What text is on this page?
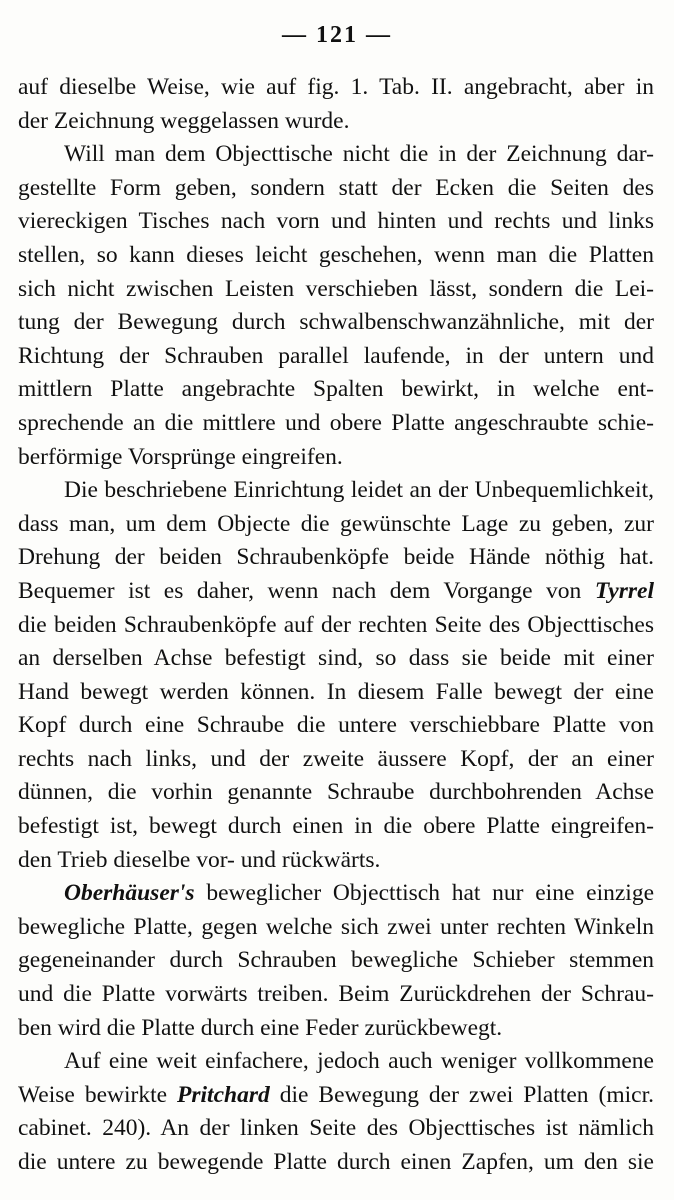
— 121 —
auf dieselbe Weise, wie auf fig. 1. Tab. II. angebracht, aber in
der Zeichnung weggelassen wurde.
Will man dem Objecttische nicht die in der Zeichnung dar-
gestellte Form geben, sondern statt der Ecken die Seiten des
viereckigen Tisches nach vorn und hinten und rechts und links
stellen, so kann dieses leicht geschehen, wenn man die Platten
sich nicht zwischen Leisten verschieben lässt, sondern die Lei-
tung der Bewegung durch schwalbenschwanzähnliche, mit der
Richtung der Schrauben parallel laufende, in der untern und
mittlern Platte angebrachte Spalten bewirkt, in welche ent-
sprechende an die mittlere und obere Platte angeschraubte schie-
berförmige Vorsprünge eingreifen.
Die beschriebene Einrichtung leidet an der Unbequemlichkeit,
dass man, um dem Objecte die gewünschte Lage zu geben, zur
Drehung der beiden Schraubenköpfe beide Hände nöthig hat.
Bequemer ist es daher, wenn nach dem Vorgange von Tyrrel
die beiden Schraubenköpfe auf der rechten Seite des Objecttisches
an derselben Achse befestigt sind, so dass sie beide mit einer
Hand bewegt werden können. In diesem Falle bewegt der eine
Kopf durch eine Schraube die untere verschiebbare Platte von
rechts nach links, und der zweite äussere Kopf, der an einer
dünnen, die vorhin genannte Schraube durchbohrenden Achse
befestigt ist, bewegt durch einen in die obere Platte eingreifen-
den Trieb dieselbe vor- und rückwärts.
Oberhäuser's beweglicher Objecttisch hat nur eine einzige
bewegliche Platte, gegen welche sich zwei unter rechten Winkeln
gegeneinander durch Schrauben bewegliche Schieber stemmen
und die Platte vorwärts treiben. Beim Zurückdrehen der Schrau-
ben wird die Platte durch eine Feder zurückbewegt.
Auf eine weit einfachere, jedoch auch weniger vollkommene
Weise bewirkte Pritchard die Bewegung der zwei Platten (micr.
cabinet. 240). An der linken Seite des Objecttisches ist nämlich
die untere zu bewegende Platte durch einen Zapfen, um den sie
